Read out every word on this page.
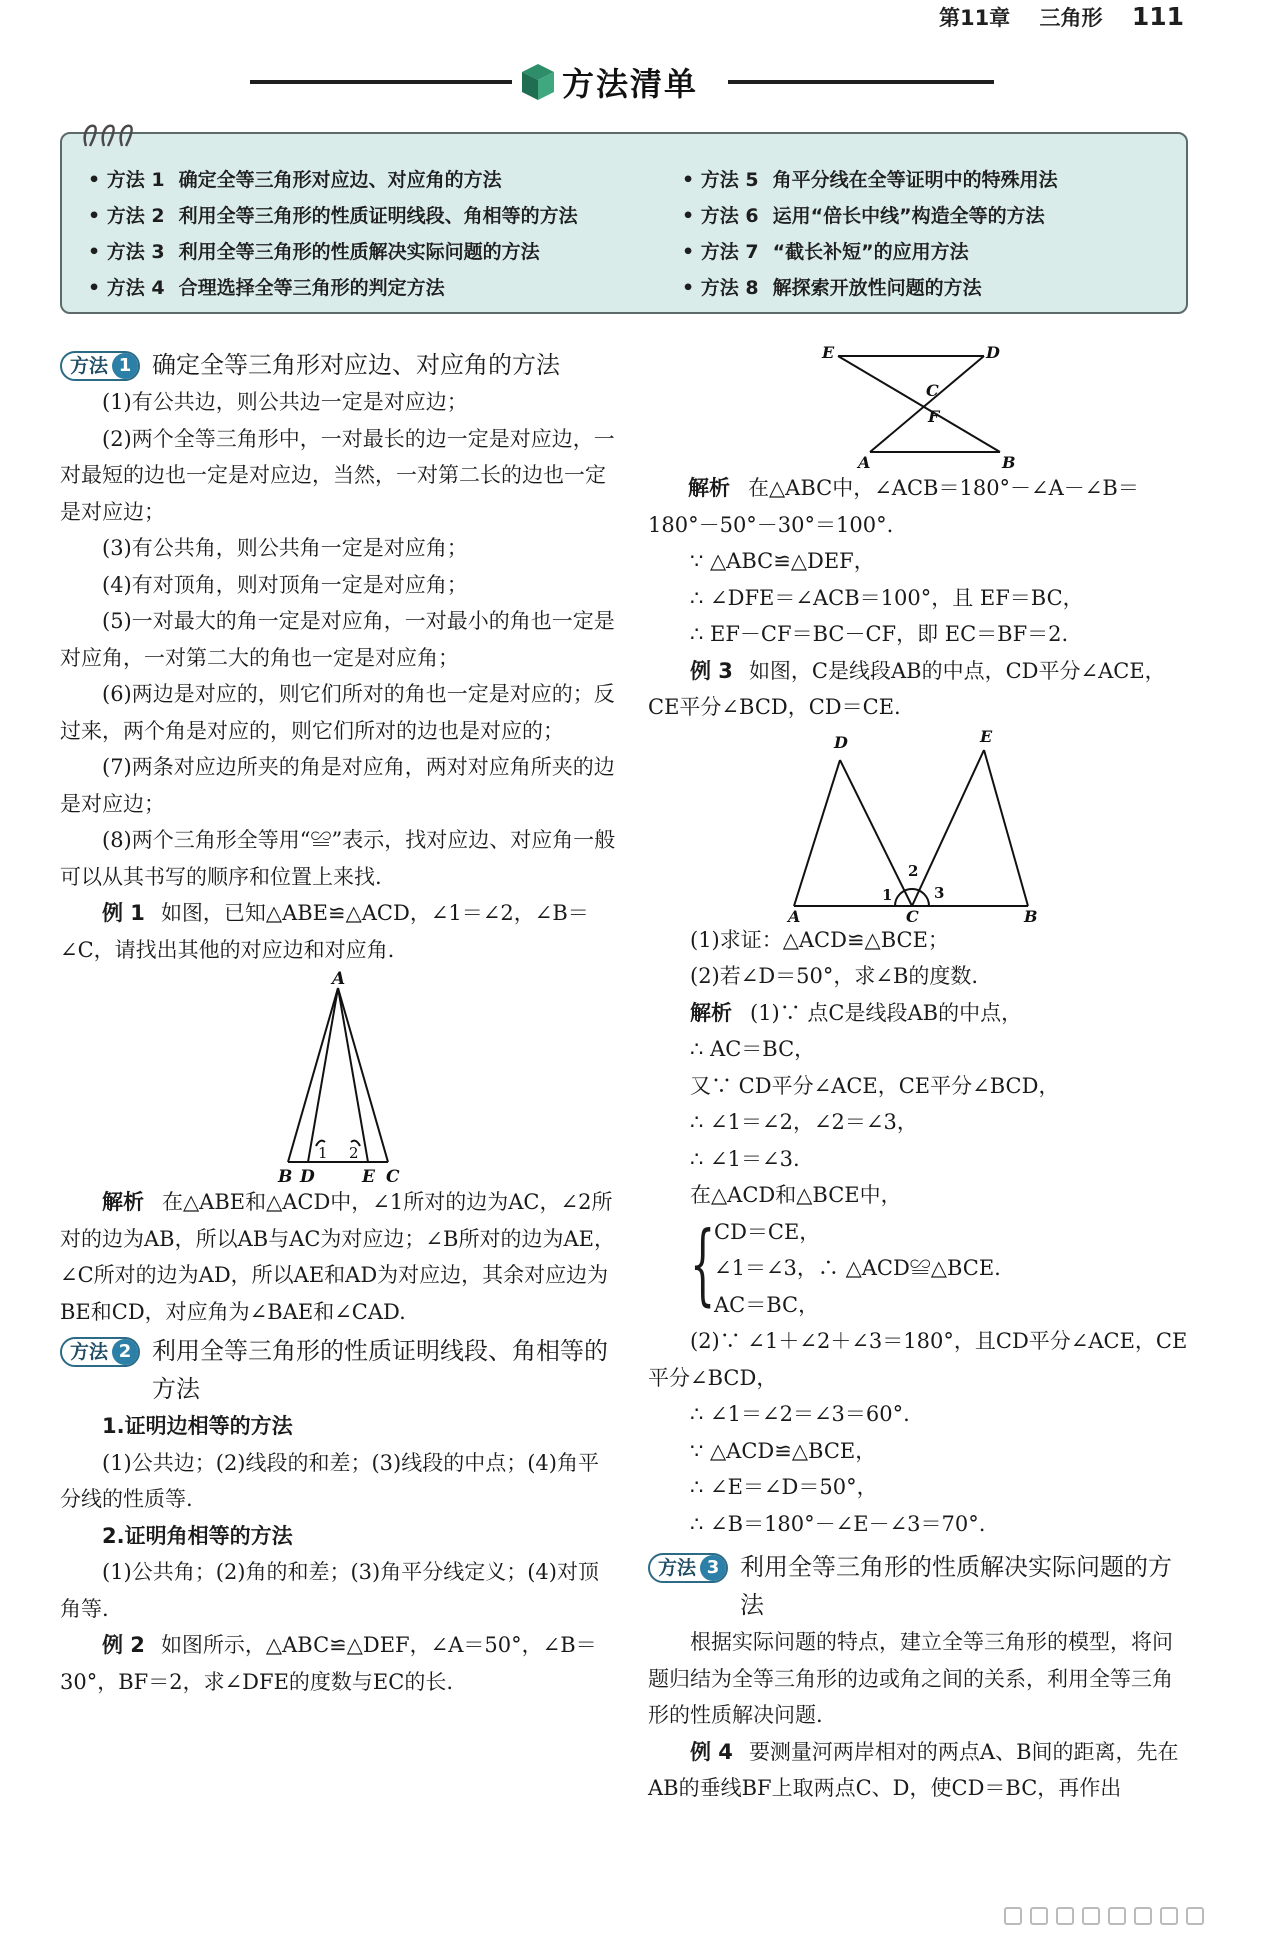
第11章 三角形 111
方法清单
• 方法 1 确定全等三角形对应边、对应角的方法
• 方法 2 利用全等三角形的性质证明线段、角相等的方法
• 方法 3 利用全等三角形的性质解决实际问题的方法
• 方法 4 合理选择全等三角形的判定方法
• 方法 5 角平分线在全等证明中的特殊用法
• 方法 6 运用“倍长中线”构造全等的方法
• 方法 7 “截长补短”的应用方法
• 方法 8 解探索开放性问题的方法
方法 1 确定全等三角形对应边、对应角的方法

(1)有公共边，则公共边一定是对应边；

(2)两个全等三角形中，一对最长的边一定是对应边，一对最短的边也一定是对应边，当然，一对第二长的边也一定是对应边；

(3)有公共角，则公共角一定是对应角；

(4)有对顶角，则对顶角一定是对应角；

(5)一对最大的角一定是对应角，一对最小的角也一定是对应角，一对第二大的角也一定是对应角；

(6)两边是对应的，则它们所对的角也一定是对应的；反过来，两个角是对应的，则它们所对的边也是对应的；

(7)两条对应边所夹的角是对应角，两对对应角所夹的边是对应边；

(8)两个三角形全等用“≌”表示，找对应边、对应角一般可以从其书写的顺序和位置上来找.

例 1 如图，已知△ABE≌△ACD，∠1＝∠2，∠B＝∠C，请找出其他的对应边和对应角.

A
B D	E C
1 2

解析 在△ABE和△ACD中，∠1所对的边为AC，∠2所对的边为AB，所以AB与AC为对应边；∠B所对的边为AE，∠C所对的边为AD，所以AE和AD为对应边，其余对应边为BE和CD，对应角为∠BAE和∠CAD.

方法 2 利用全等三角形的性质证明线段、角相等的方法

1.证明边相等的方法

(1)公共边；(2)线段的和差；(3)线段的中点；(4)角平分线的性质等.

2.证明角相等的方法

(1)公共角；(2)角的和差；(3)角平分线定义；(4)对顶角等.

例 2 如图所示，△ABC≌△DEF，∠A＝50°，∠B＝30°，BF＝2，求∠DFE的度数与EC的长.

E	D
C
F
A	B

解析 在△ABC中，∠ACB＝180°－∠A－∠B＝180°－50°－30°＝100°.

∵ △ABC≌△DEF，

∴ ∠DFE＝∠ACB＝100°，且 EF＝BC，

∴ EF－CF＝BC－CF，即 EC＝BF＝2.

例 3 如图，C是线段AB的中点，CD平分∠ACE，CE平分∠BCD，CD＝CE.

D	E
A	C	B
1
2
3

(1)求证：△ACD≌△BCE；

(2)若∠D＝50°，求∠B的度数.

解析 (1)∵ 点C是线段AB的中点，

∴ AC＝BC，

又∵ CD平分∠ACE，CE平分∠BCD，

∴ ∠1＝∠2，∠2＝∠3，

∴ ∠1＝∠3.

在△ACD和△BCE中，

{

CD＝CE，

∠1＝∠3，∴ △ACD≌△BCE.

AC＝BC，

(2)∵ ∠1＋∠2＋∠3＝180°，且CD平分∠ACE，CE平分∠BCD，

∴ ∠1＝∠2＝∠3＝60°.

∵ △ACD≌△BCE，

∴ ∠E＝∠D＝50°，

∴ ∠B＝180°－∠E－∠3＝70°.

方法 3 利用全等三角形的性质解决实际问题的方法

根据实际问题的特点，建立全等三角形的模型，将问题归结为全等三角形的边或角之间的关系，利用全等三角形的性质解决问题.

例 4 要测量河两岸相对的两点A、B间的距离，先在AB的垂线BF上取两点C、D，使CD＝BC，再作出
